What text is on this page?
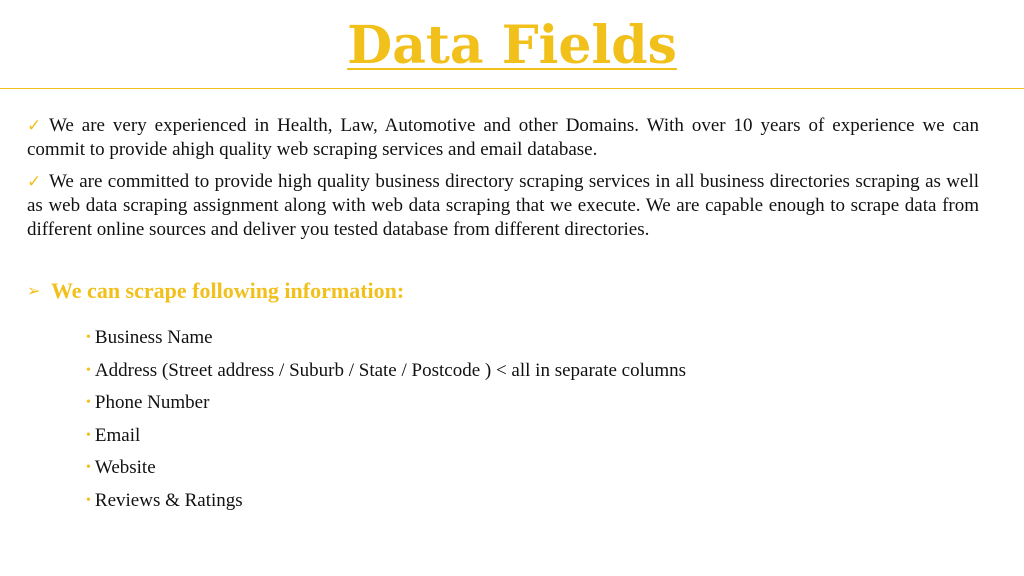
Data Fields
✓ We are very experienced in Health, Law, Automotive and other Domains. With over 10 years of experience we can commit to provide ahigh quality web scraping services and email database.
✓ We are committed to provide high quality business directory scraping services in all business directories scraping as well as web data scraping assignment along with web data scraping that we execute. We are capable enough to scrape data from different online sources and deliver you tested database from different directories.
➢ We can scrape following information:
• Business Name
• Address (Street address / Suburb / State / Postcode ) < all in separate columns
• Phone Number
• Email
• Website
• Reviews & Ratings
